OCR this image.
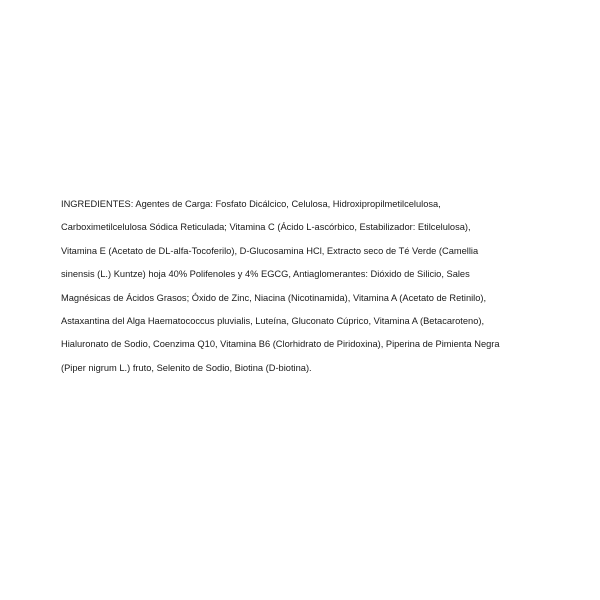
INGREDIENTES: Agentes de Carga: Fosfato Dicálcico, Celulosa, Hidroxipropilmetilcelulosa,
Carboximetilcelulosa Sódica Reticulada; Vitamina C (Ácido L-ascórbico, Estabilizador: Etilcelulosa),
Vitamina E (Acetato de DL-alfa-Tocoferilo), D-Glucosamina HCl, Extracto seco de Té Verde (Camellia
sinensis (L.) Kuntze) hoja 40% Polifenoles y 4% EGCG, Antiaglomerantes: Dióxido de Silicio, Sales
Magnésicas de Ácidos Grasos; Óxido de Zinc, Niacina (Nicotinamida), Vitamina A (Acetato de Retinilo),
Astaxantina del Alga Haematococcus pluvialis, Luteína, Gluconato Cúprico, Vitamina A (Betacaroteno),
Hialuronato de Sodio, Coenzima Q10, Vitamina B6 (Clorhidrato de Piridoxina), Piperina de Pimienta Negra
(Piper nigrum L.) fruto, Selenito de Sodio, Biotina (D-biotina).
